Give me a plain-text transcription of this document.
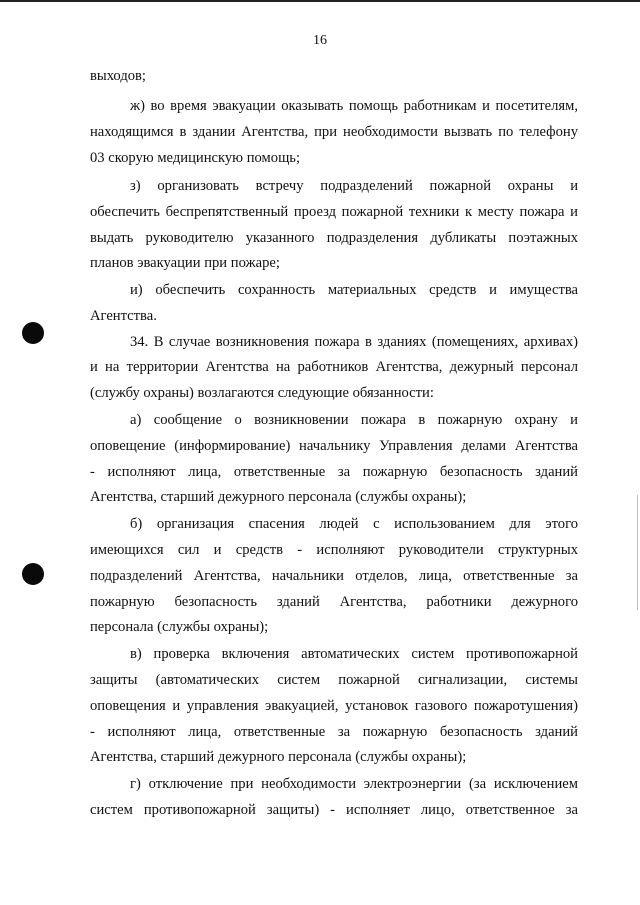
16
выходов;
ж) во время эвакуации оказывать помощь работникам и посетителям,
находящимся в здании Агентства, при необходимости вызвать по телефону
03 скорую медицинскую помощь;
з) организовать встречу подразделений пожарной охраны и
обеспечить беспрепятственный проезд пожарной техники к месту пожара и
выдать руководителю указанного подразделения дубликаты поэтажных
планов эвакуации при пожаре;
и) обеспечить сохранность материальных средств и имущества
Агентства.
34. В случае возникновения пожара в зданиях (помещениях, архивах)
и на территории Агентства на работников Агентства, дежурный персонал
(службу охраны) возлагаются следующие обязанности:
а) сообщение о возникновении пожара в пожарную охрану и
оповещение (информирование) начальнику Управления делами Агентства
- исполняют лица, ответственные за пожарную безопасность зданий
Агентства, старший дежурного персонала (службы охраны);
б) организация спасения людей с использованием для этого
имеющихся сил и средств - исполняют руководители структурных
подразделений Агентства, начальники отделов, лица, ответственные за
пожарную безопасность зданий Агентства, работники дежурного
персонала (службы охраны);
в) проверка включения автоматических систем противопожарной
защиты (автоматических систем пожарной сигнализации, системы
оповещения и управления эвакуацией, установок газового пожаротушения)
- исполняют лица, ответственные за пожарную безопасность зданий
Агентства, старший дежурного персонала (службы охраны);
г) отключение при необходимости электроэнергии (за исключением
систем противопожарной защиты) - исполняет лицо, ответственное за
